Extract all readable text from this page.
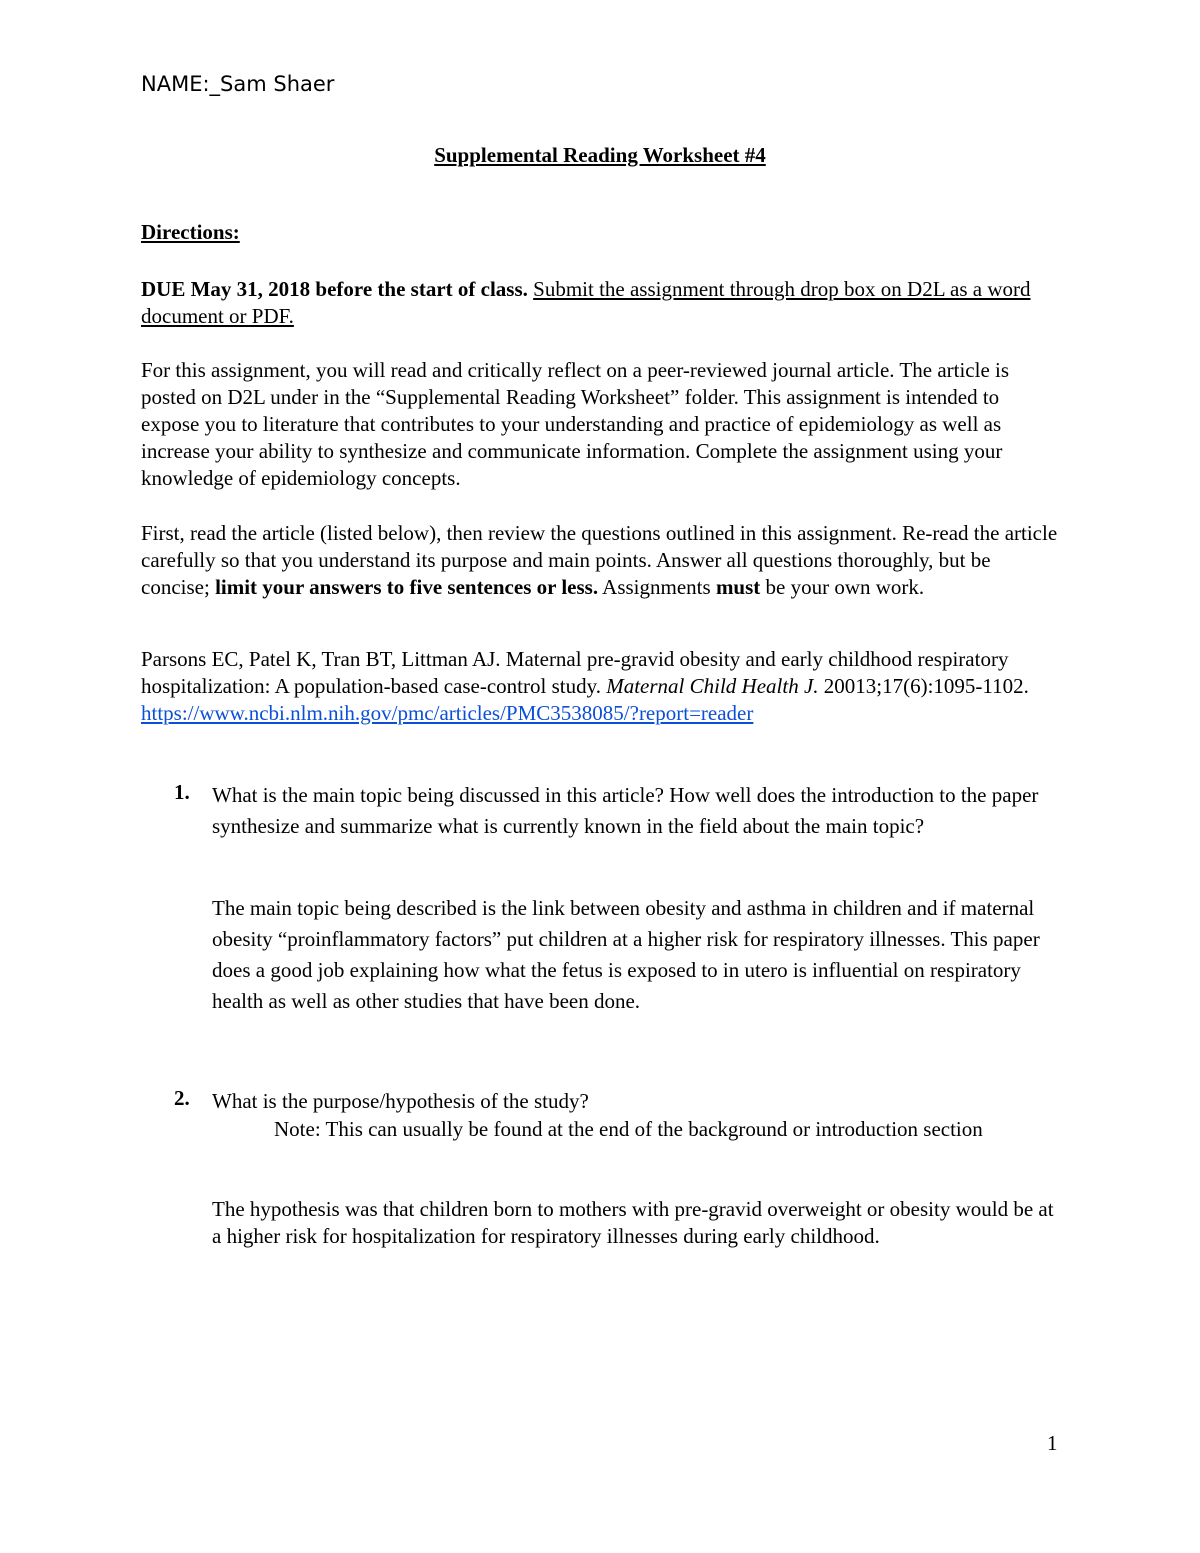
NAME:_Sam Shaer
Supplemental Reading Worksheet #4
Directions:
DUE May 31, 2018 before the start of class. Submit the assignment through drop box on D2L as a word document or PDF.
For this assignment, you will read and critically reflect on a peer-reviewed journal article. The article is posted on D2L under in the “Supplemental Reading Worksheet” folder. This assignment is intended to expose you to literature that contributes to your understanding and practice of epidemiology as well as increase your ability to synthesize and communicate information. Complete the assignment using your knowledge of epidemiology concepts.
First, read the article (listed below), then review the questions outlined in this assignment. Re-read the article carefully so that you understand its purpose and main points. Answer all questions thoroughly, but be concise; limit your answers to five sentences or less. Assignments must be your own work.
Parsons EC, Patel K, Tran BT, Littman AJ. Maternal pre-gravid obesity and early childhood respiratory hospitalization: A population-based case-control study. Maternal Child Health J. 20013;17(6):1095-1102.
https://www.ncbi.nlm.nih.gov/pmc/articles/PMC3538085/?report=reader
1. What is the main topic being discussed in this article? How well does the introduction to the paper synthesize and summarize what is currently known in the field about the main topic?
The main topic being described is the link between obesity and asthma in children and if maternal obesity “proinflammatory factors” put children at a higher risk for respiratory illnesses. This paper does a good job explaining how what the fetus is exposed to in utero is influential on respiratory health as well as other studies that have been done.
2. What is the purpose/hypothesis of the study?
Note: This can usually be found at the end of the background or introduction section
The hypothesis was that children born to mothers with pre-gravid overweight or obesity would be at a higher risk for hospitalization for respiratory illnesses during early childhood.
1
